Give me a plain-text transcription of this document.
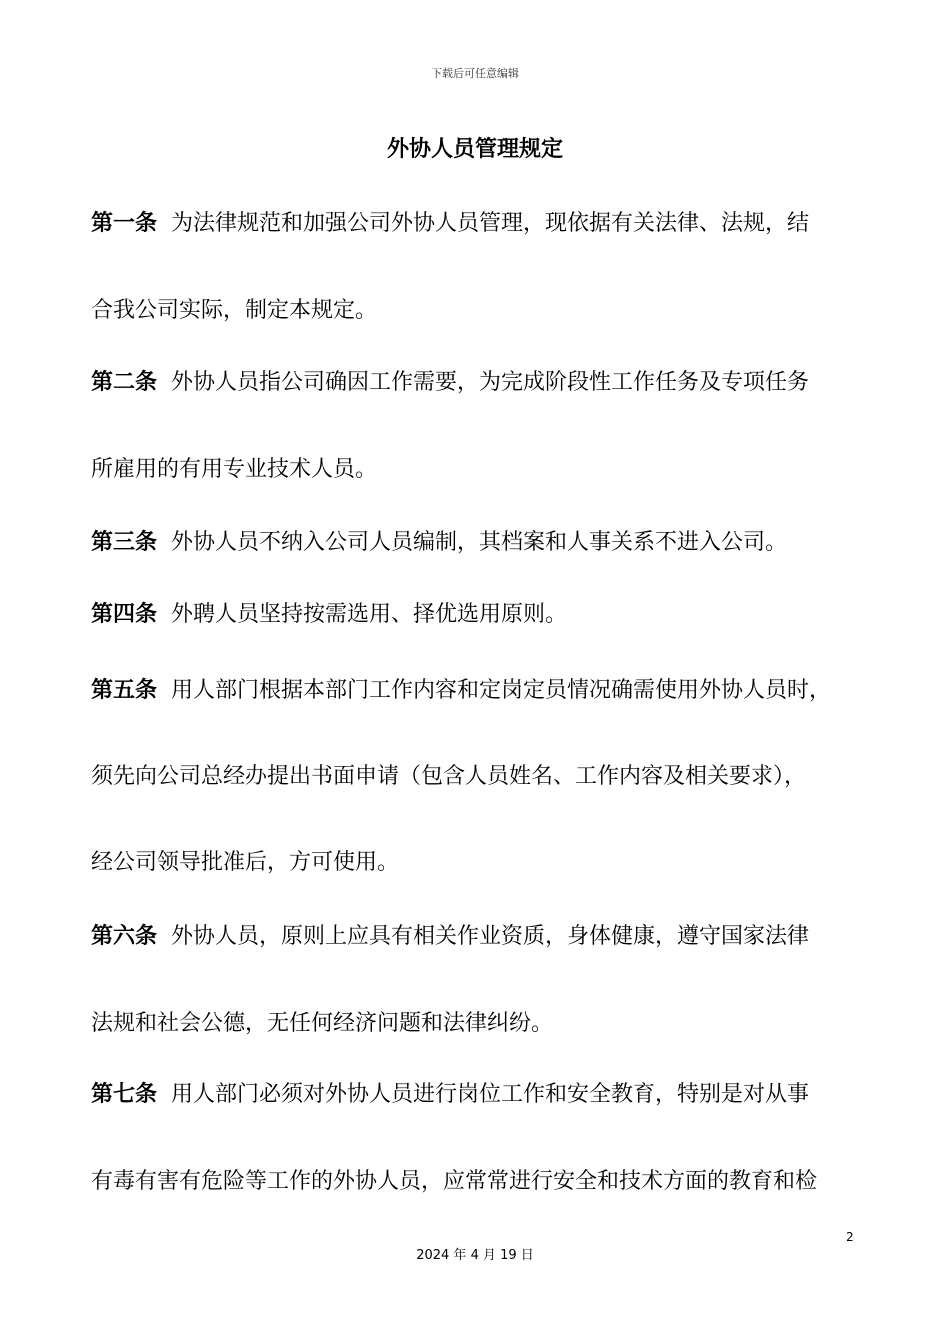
下载后可任意编辑
外协人员管理规定
第一条 为法律规范和加强公司外协人员管理，现依据有关法律、法规，结
合我公司实际，制定本规定。
第二条 外协人员指公司确因工作需要，为完成阶段性工作任务及专项任务
所雇用的有用专业技术人员。
第三条 外协人员不纳入公司人员编制，其档案和人事关系不进入公司。
第四条 外聘人员坚持按需选用、择优选用原则。
第五条 用人部门根据本部门工作内容和定岗定员情况确需使用外协人员时，
须先向公司总经办提出书面申请（包含人员姓名、工作内容及相关要求），
经公司领导批准后，方可使用。
第六条 外协人员，原则上应具有相关作业资质，身体健康，遵守国家法律
法规和社会公德，无任何经济问题和法律纠纷。
第七条 用人部门必须对外协人员进行岗位工作和安全教育，特别是对从事
有毒有害有危险等工作的外协人员，应常常进行安全和技术方面的教育和检
2
2024 年 4 月 19 日
